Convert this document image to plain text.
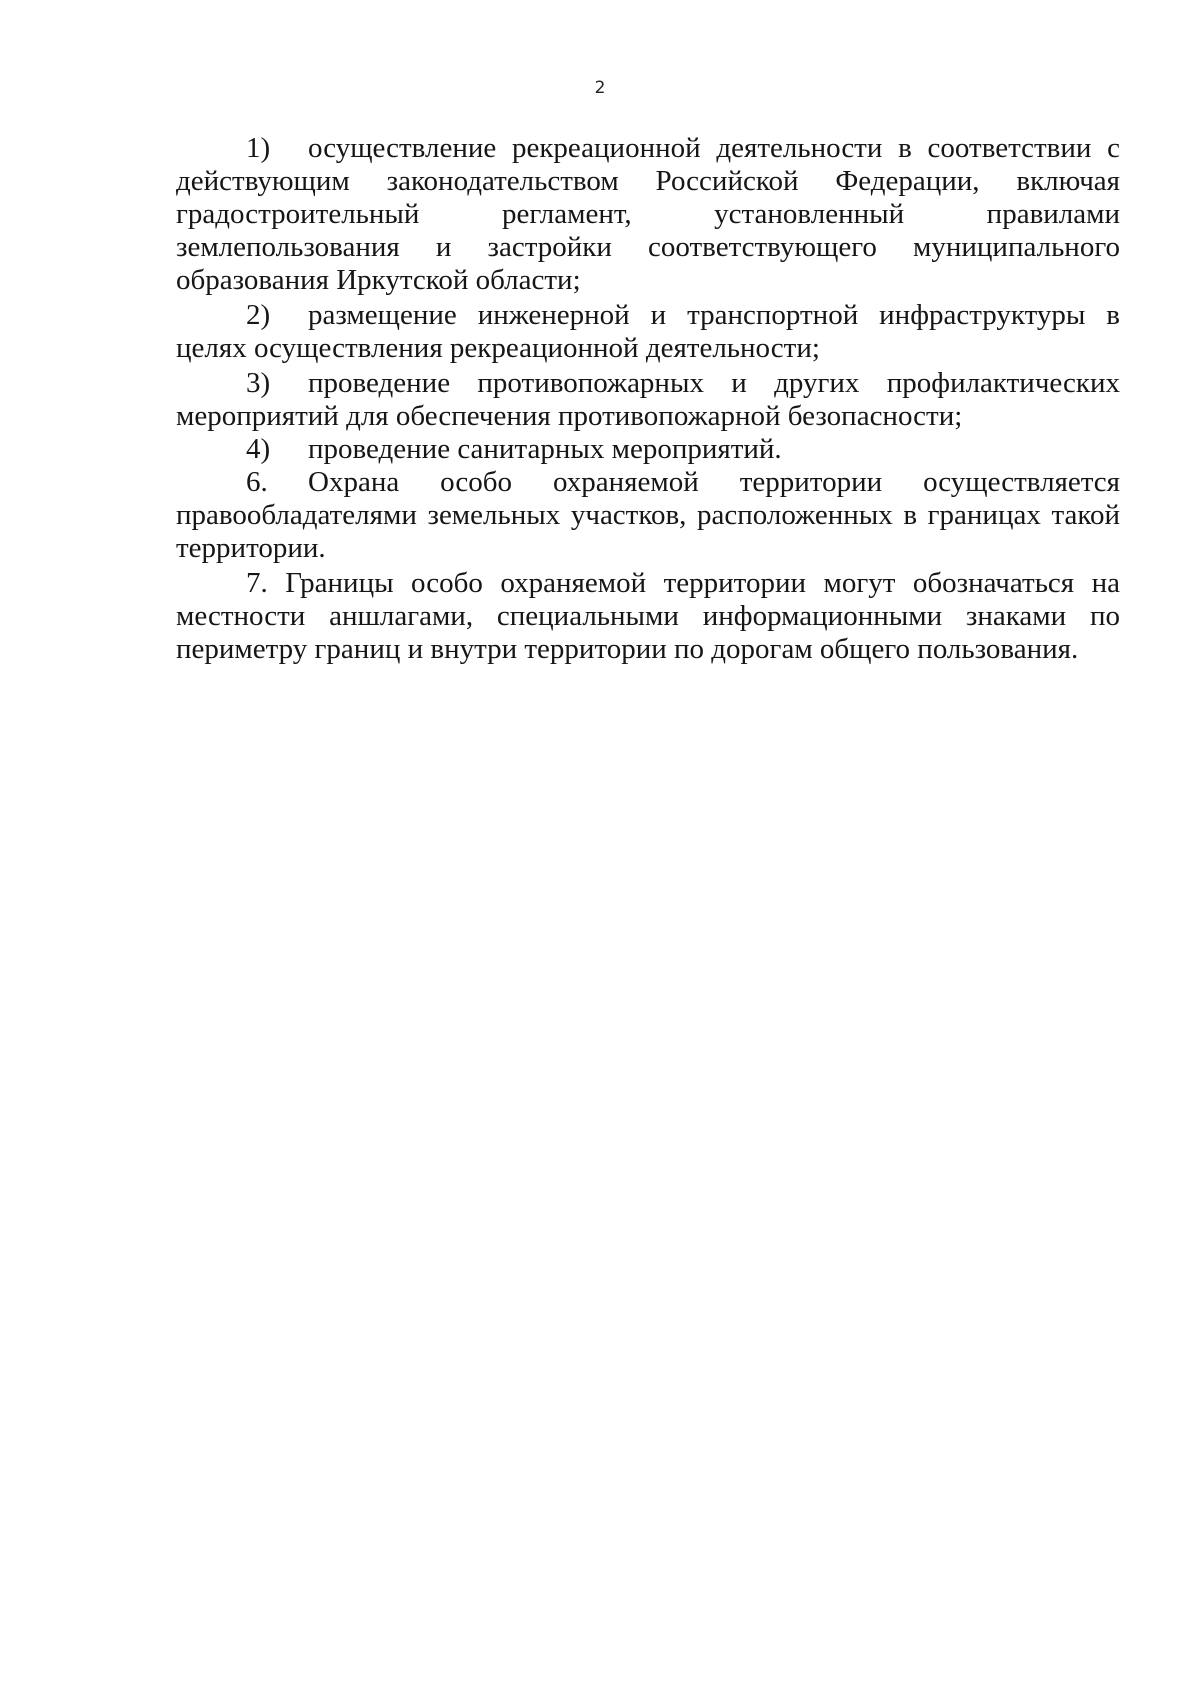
2

1) осуществление рекреационной деятельности в соответствии с действующим законодательством Российской Федерации, включая градостроительный регламент, установленный правилами землепользования и застройки соответствующего муниципального образования Иркутской области;

2) размещение инженерной и транспортной инфраструктуры в целях осуществления рекреационной деятельности;

3) проведение противопожарных и других профилактических мероприятий для обеспечения противопожарной безопасности;

4) проведение санитарных мероприятий.

6. Охрана особо охраняемой территории осуществляется правообладателями земельных участков, расположенных в границах такой территории.

7. Границы особо охраняемой территории могут обозначаться на местности аншлагами, специальными информационными знаками по периметру границ и внутри территории по дорогам общего пользования.
